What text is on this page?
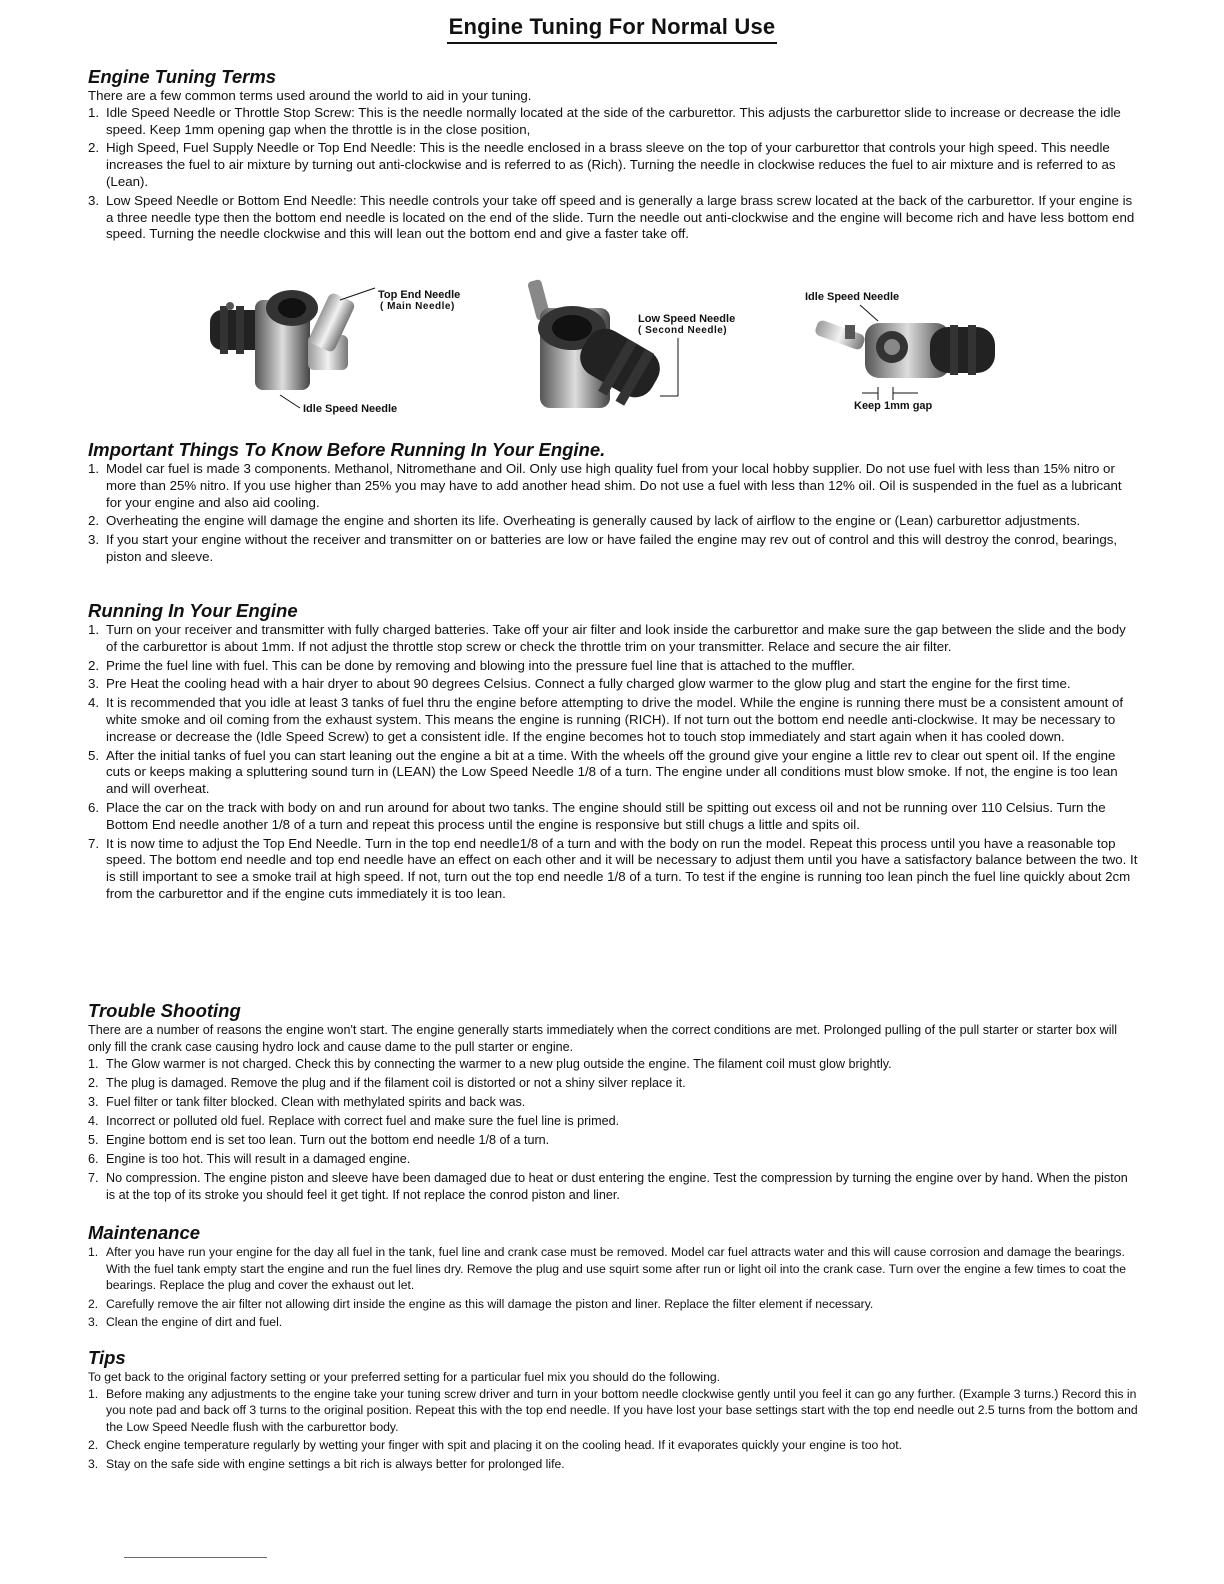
Engine Tuning For Normal Use
Engine Tuning Terms

There are a few common terms used around the world to aid in your tuning.

1. Idle Speed Needle or Throttle Stop Screw: This is the needle normally located at the side of the carburettor. This adjusts the carburettor slide to increase or decrease the idle speed. Keep 1mm opening gap when the throttle is in the close position,
2. High Speed, Fuel Supply Needle or Top End Needle: This is the needle enclosed in a brass sleeve on the top of your carburettor that controls your high speed. This needle increases the fuel to air mixture by turning out anti-clockwise and is referred to as (Rich). Turning the needle in clockwise reduces the fuel to air mixture and is referred to as (Lean).
3. Low Speed Needle or Bottom End Needle: This needle controls your take off speed and is generally a large brass screw located at the back of the carburettor. If your engine is a three needle type then the bottom end needle is located on the end of the slide. Turn the needle out anti-clockwise and the engine will become rich and have less bottom end speed. Turning the needle clockwise and this will lean out the bottom end and give a faster take off.
Top End Needle
( Main Needle)
Idle Speed Needle
Low Speed Needle
( Second Needle)
Idle Speed Needle
Keep 1mm gap
Important Things To Know Before Running In Your Engine.
1. Model car fuel is made 3 components. Methanol, Nitromethane and Oil. Only use high quality fuel from your local hobby supplier. Do not use fuel with less than 15% nitro or more than 25% nitro. If you use higher than 25% you may have to add another head shim. Do not use a fuel with less than 12% oil. Oil is suspended in the fuel as a lubricant for your engine and also aid cooling.
2. Overheating the engine will damage the engine and shorten its life. Overheating is generally caused by lack of airflow to the engine or (Lean) carburettor adjustments.
3. If you start your engine without the receiver and transmitter on or batteries are low or have failed the engine may rev out of control and this will destroy the conrod, bearings, piston and sleeve.
Running In Your Engine
1. Turn on your receiver and transmitter with fully charged batteries. Take off your air filter and look inside the carburettor and make sure the gap between the slide and the body of the carburettor is about 1mm. If not adjust the throttle stop screw or check the throttle trim on your transmitter. Relace and secure the air filter.
2. Prime the fuel line with fuel. This can be done by removing and blowing into the pressure fuel line that is attached to the muffler.
3. Pre Heat the cooling head with a hair dryer to about 90 degrees Celsius. Connect a fully charged glow warmer to the glow plug and start the engine for the first time.
4. It is recommended that you idle at least 3 tanks of fuel thru the engine before attempting to drive the model. While the engine is running there must be a consistent amount of white smoke and oil coming from the exhaust system. This means the engine is running (RICH). If not turn out the bottom end needle anti-clockwise. It may be necessary to increase or decrease the (Idle Speed Screw) to get a consistent idle. If the engine becomes hot to touch stop immediately and start again when it has cooled down.
5. After the initial tanks of fuel you can start leaning out the engine a bit at a time. With the wheels off the ground give your engine a little rev to clear out spent oil. If the engine cuts or keeps making a spluttering sound turn in (LEAN) the Low Speed Needle 1/8 of a turn. The engine under all conditions must blow smoke. If not, the engine is too lean and will overheat.
6. Place the car on the track with body on and run around for about two tanks. The engine should still be spitting out excess oil and not be running over 110 Celsius. Turn the Bottom End needle another 1/8 of a turn and repeat this process until the engine is responsive but still chugs a little and spits oil.
7. It is now time to adjust the Top End Needle. Turn in the top end needle1/8 of a turn and with the body on run the model. Repeat this process until you have a reasonable top speed. The bottom end needle and top end needle have an effect on each other and it will be necessary to adjust them until you have a satisfactory balance between the two. It is still important to see a smoke trail at high speed. If not, turn out the top end needle 1/8 of a turn. To test if the engine is running too lean pinch the fuel line quickly about 2cm from the carburettor and if the engine cuts immediately it is too lean.
Trouble Shooting

There are a number of reasons the engine won't start. The engine generally starts immediately when the correct conditions are met. Prolonged pulling of the pull starter or starter box will only fill the crank case causing hydro lock and cause dame to the pull starter or engine.

1. The Glow warmer is not charged. Check this by connecting the warmer to a new plug outside the engine. The filament coil must glow brightly.
2. The plug is damaged. Remove the plug and if the filament coil is distorted or not a shiny silver replace it.
3. Fuel filter or tank filter blocked. Clean with methylated spirits and back was.
4. Incorrect or polluted old fuel. Replace with correct fuel and make sure the fuel line is primed.
5. Engine bottom end is set too lean. Turn out the bottom end needle 1/8 of a turn.
6. Engine is too hot. This will result in a damaged engine.
7. No compression. The engine piston and sleeve have been damaged due to heat or dust entering the engine. Test the compression by turning the engine over by hand. When the piston is at the top of its stroke you should feel it get tight. If not replace the conrod piston and liner.
Maintenance
1. After you have run your engine for the day all fuel in the tank, fuel line and crank case must be removed. Model car fuel attracts water and this will cause corrosion and damage the bearings. With the fuel tank empty start the engine and run the fuel lines dry. Remove the plug and use squirt some after run or light oil into the crank case. Turn over the engine a few times to coat the bearings. Replace the plug and cover the exhaust out let.
2. Carefully remove the air filter not allowing dirt inside the engine as this will damage the piston and liner. Replace the filter element if necessary.
3. Clean the engine of dirt and fuel.
Tips

To get back to the original factory setting or your preferred setting for a particular fuel mix you should do the following.

1. Before making any adjustments to the engine take your tuning screw driver and turn in your bottom needle clockwise gently until you feel it can go any further. (Example 3 turns.) Record this in you note pad and back off 3 turns to the original position. Repeat this with the top end needle. If you have lost your base settings start with the top end needle out 2.5 turns from the bottom and the Low Speed Needle flush with the carburettor body.
2. Check engine temperature regularly by wetting your finger with spit and placing it on the cooling head. If it evaporates quickly your engine is too hot.
3. Stay on the safe side with engine settings a bit rich is always better for prolonged life.
